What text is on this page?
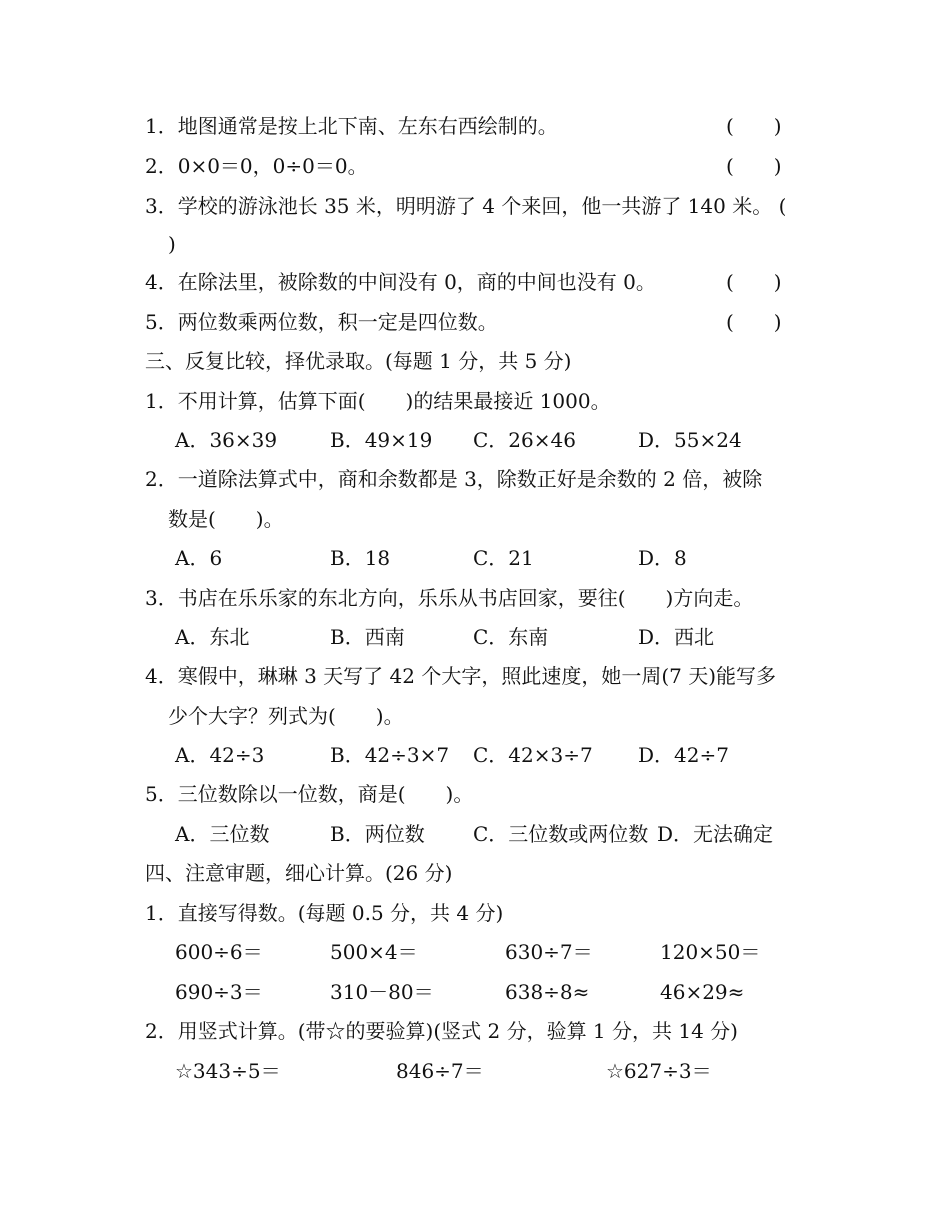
1．地图通常是按上北下南、左东右西绘制的。	(　　)
2．0×0＝0，0÷0＝0。	(　　)
3．学校的游泳池长 35 米，明明游了 4 个来回，他一共游了 140 米。 (
)
4．在除法里，被除数的中间没有 0，商的中间也没有 0。	(　　)
5．两位数乘两位数，积一定是四位数。	(　　)
三、反复比较，择优录取。(每题 1 分，共 5 分)
1．不用计算，估算下面(　　)的结果最接近 1000。
A．36×39	B．49×19 C．26×46	D．55×24
2．一道除法算式中，商和余数都是 3，除数正好是余数的 2 倍，被除
数是(　　)。
A．6	B．18	C．21	D．8
3．书店在乐乐家的东北方向，乐乐从书店回家，要往(　　)方向走。
A．东北	B．西南	C．东南	D．西北
4．寒假中，琳琳 3 天写了 42 个大字，照此速度，她一周(7 天)能写多
少个大字？列式为(　　)。
A．42÷3	B．42÷3×7 C．42×3÷7 D．42÷7
5．三位数除以一位数，商是(　　)。
A．三位数	B．两位数 C．三位数或两位数 D．无法确定
四、注意审题，细心计算。(26 分)
1．直接写得数。(每题 0.5 分，共 4 分)
600÷6＝	500×4＝	630÷7＝	120×50＝
690÷3＝	310－80＝	638÷8≈	46×29≈
2．用竖式计算。(带☆的要验算)(竖式 2 分，验算 1 分，共 14 分)
☆343÷5＝	846÷7＝	☆627÷3＝
